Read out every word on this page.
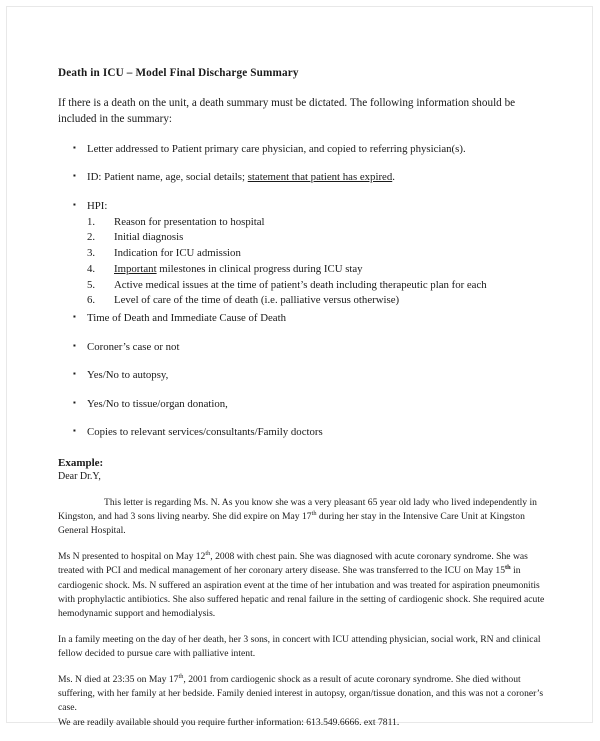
Death in ICU – Model Final Discharge Summary

If there is a death on the unit, a death summary must be dictated. The following information should be included in the summary:

▪ Letter addressed to Patient primary care physician, and copied to referring physician(s).
▪ ID: Patient name, age, social details; statement that patient has expired.
▪ HPI:
Reason for presentation to hospital
Initial diagnosis
Indication for ICU admission
Important milestones in clinical progress during ICU stay
Active medical issues at the time of patient’s death including therapeutic plan for each
Level of care of the time of death (i.e. palliative versus otherwise)
▪ Time of Death and Immediate Cause of Death
▪ Coroner’s case or not
▪ Yes/No to autopsy,
▪ Yes/No to tissue/organ donation,
▪ Copies to relevant services/consultants/Family doctors

Example:

Dear Dr.Y,

This letter is regarding Ms. N. As you know she was a very pleasant 65 year old lady who lived independently in Kingston, and had 3 sons living nearby. She did expire on May 17th during her stay in the Intensive Care Unit at Kingston General Hospital.

Ms N presented to hospital on May 12th, 2008 with chest pain. She was diagnosed with acute coronary syndrome. She was treated with PCI and medical management of her coronary artery disease. She was transferred to the ICU on May 15th in cardiogenic shock. Ms. N suffered an aspiration event at the time of her intubation and was treated for aspiration pneumonitis with prophylactic antibiotics. She also suffered hepatic and renal failure in the setting of cardiogenic shock. She required acute hemodynamic support and hemodialysis.

In a family meeting on the day of her death, her 3 sons, in concert with ICU attending physician, social work, RN and clinical fellow decided to pursue care with palliative intent.

Ms. N died at 23:35 on May 17th, 2001 from cardiogenic shock as a result of acute coronary syndrome. She died without suffering, with her family at her bedside. Family denied interest in autopsy, organ/tissue donation, and this was not a coroner’s case.

We are readily available should you require further information: 613.549.6666. ext 7811.
